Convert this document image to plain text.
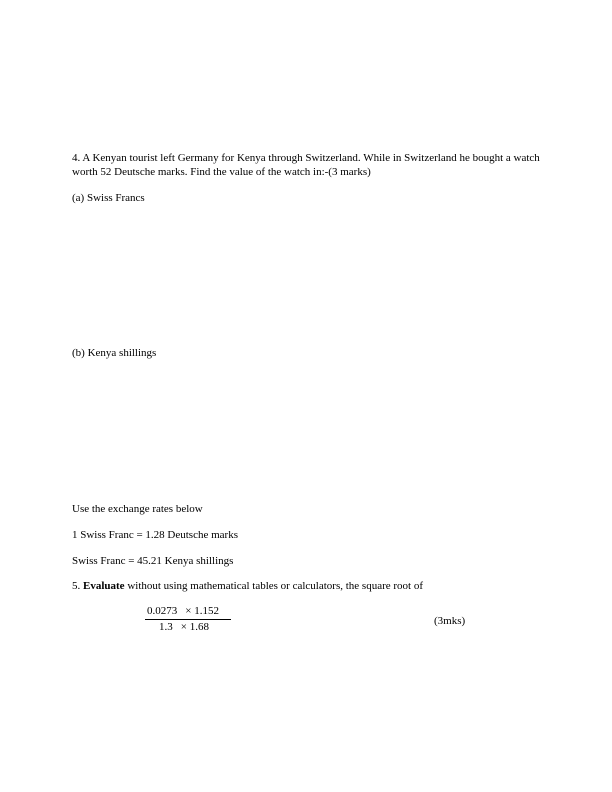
4. A Kenyan tourist left Germany for Kenya through Switzerland. While in Switzerland he bought a watch
worth 52 Deutsche marks. Find the value of the watch in:-(3 marks)
(a) Swiss Francs
(b) Kenya shillings
Use the exchange rates below
1 Swiss Franc = 1.28 Deutsche marks
Swiss Franc = 45.21 Kenya shillings
5. Evaluate without using mathematical tables or calculators, the square root of
0.0273 × 1.152
1.3 × 1.68	(3mks)
